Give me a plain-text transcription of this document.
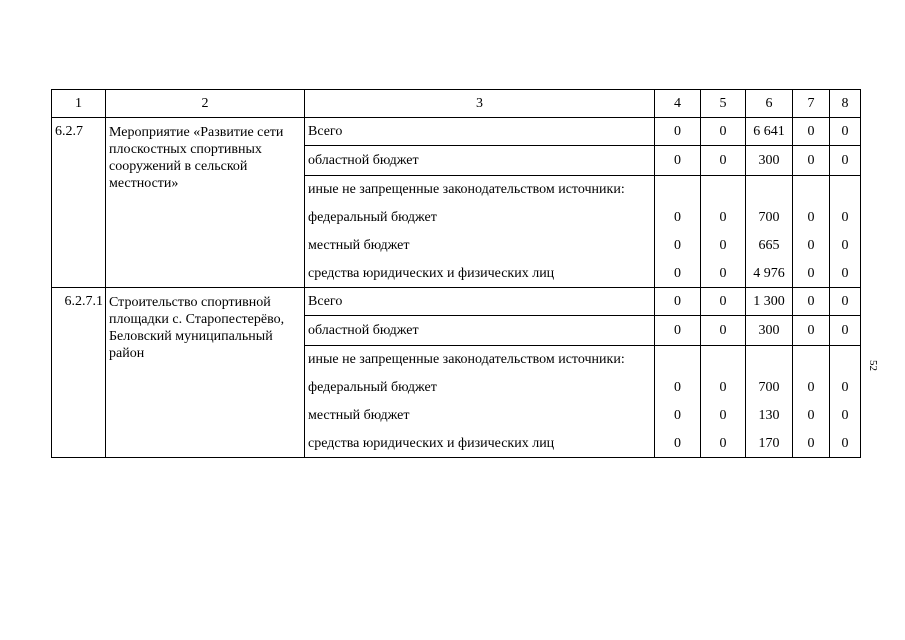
1	2	3	4	5	6	7	8
6.2.7	Мероприятие «Развитие сети плоскостных спортивных сооружений в сельской местности»	Всего	0	0	6 641	0	0
		областной бюджет	0	0	300	0	0
		иные не запрещенные законодательством источники:					
		федеральный бюджет	0	0	700	0	0
		местный бюджет	0	0	665	0	0
		средства юридических и физических лиц	0	0	4 976	0	0
6.2.7.1	Строительство спортивной площадки с. Старопестерёво, Беловский муниципальный район	Всего	0	0	1 300	0	0
		областной бюджет	0	0	300	0	0
		иные не запрещенные законодательством источники:					
		федеральный бюджет	0	0	700	0	0
		местный бюджет	0	0	130	0	0
		средства юридических и физических лиц	0	0	170	0	0
52
